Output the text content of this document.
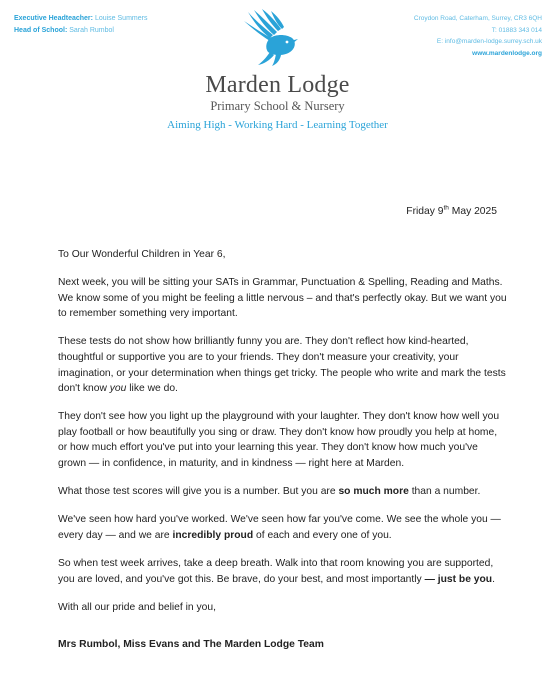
Executive Headteacher: Louise Summers
Head of School: Sarah Rumbol
Croydon Road, Caterham, Surrey, CR3 6QH
T: 01883 343 014
E: info@marden-lodge.surrey.sch.uk
www.mardenlodge.org
Marden Lodge
Primary School & Nursery
Aiming High - Working Hard - Learning Together
Friday 9th May 2025

To Our Wonderful Children in Year 6,

Next week, you will be sitting your SATs in Grammar, Punctuation & Spelling, Reading and Maths. We know some of you might be feeling a little nervous – and that's perfectly okay. But we want you to remember something very important.

These tests do not show how brilliantly funny you are. They don't reflect how kind-hearted, thoughtful or supportive you are to your friends. They don't measure your creativity, your imagination, or your determination when things get tricky. The people who write and mark the tests don't know you like we do.

They don't see how you light up the playground with your laughter. They don't know how well you play football or how beautifully you sing or draw. They don't know how proudly you help at home, or how much effort you've put into your learning this year. They don't know how much you've grown — in confidence, in maturity, and in kindness — right here at Marden.

What those test scores will give you is a number. But you are so much more than a number.

We've seen how hard you've worked. We've seen how far you've come. We see the whole you — every day — and we are incredibly proud of each and every one of you.

So when test week arrives, take a deep breath. Walk into that room knowing you are supported, you are loved, and you've got this. Be brave, do your best, and most importantly — just be you.

With all our pride and belief in you,

Mrs Rumbol, Miss Evans and The Marden Lodge Team
